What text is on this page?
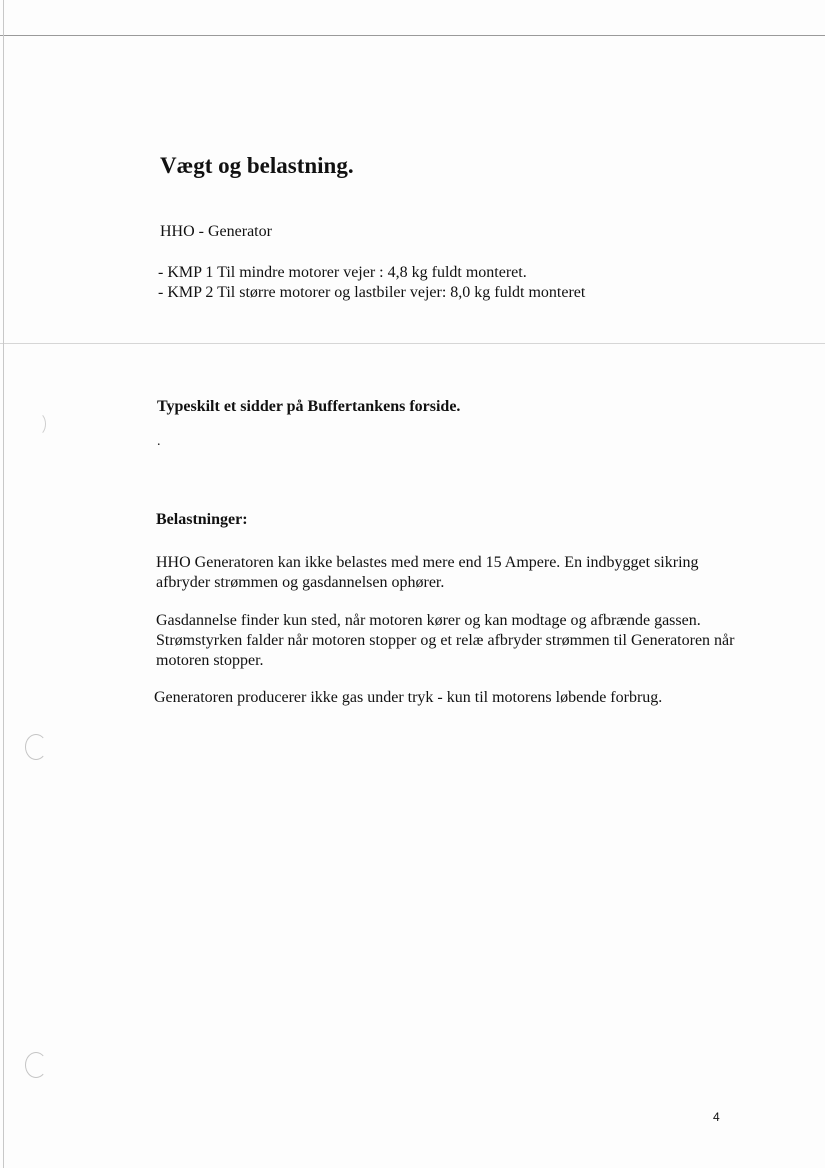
Vægt og belastning.

HHO - Generator

- KMP 1 Til mindre motorer vejer : 4,8 kg fuldt monteret.
- KMP 2 Til større motorer og lastbiler vejer: 8,0 kg fuldt monteret
Typeskilt et sidder på Buffertankens forside.
.
Belastninger:

HHO Generatoren kan ikke belastes med mere end 15 Ampere. En indbygget sikring afbryder strømmen og gasdannelsen ophører.

Gasdannelse finder kun sted, når motoren kører og kan modtage og afbrænde gassen. Strømstyrken falder når motoren stopper og et relæ afbryder strømmen til Generatoren når motoren stopper.

Generatoren producerer ikke gas under tryk - kun til motorens løbende forbrug.

4
